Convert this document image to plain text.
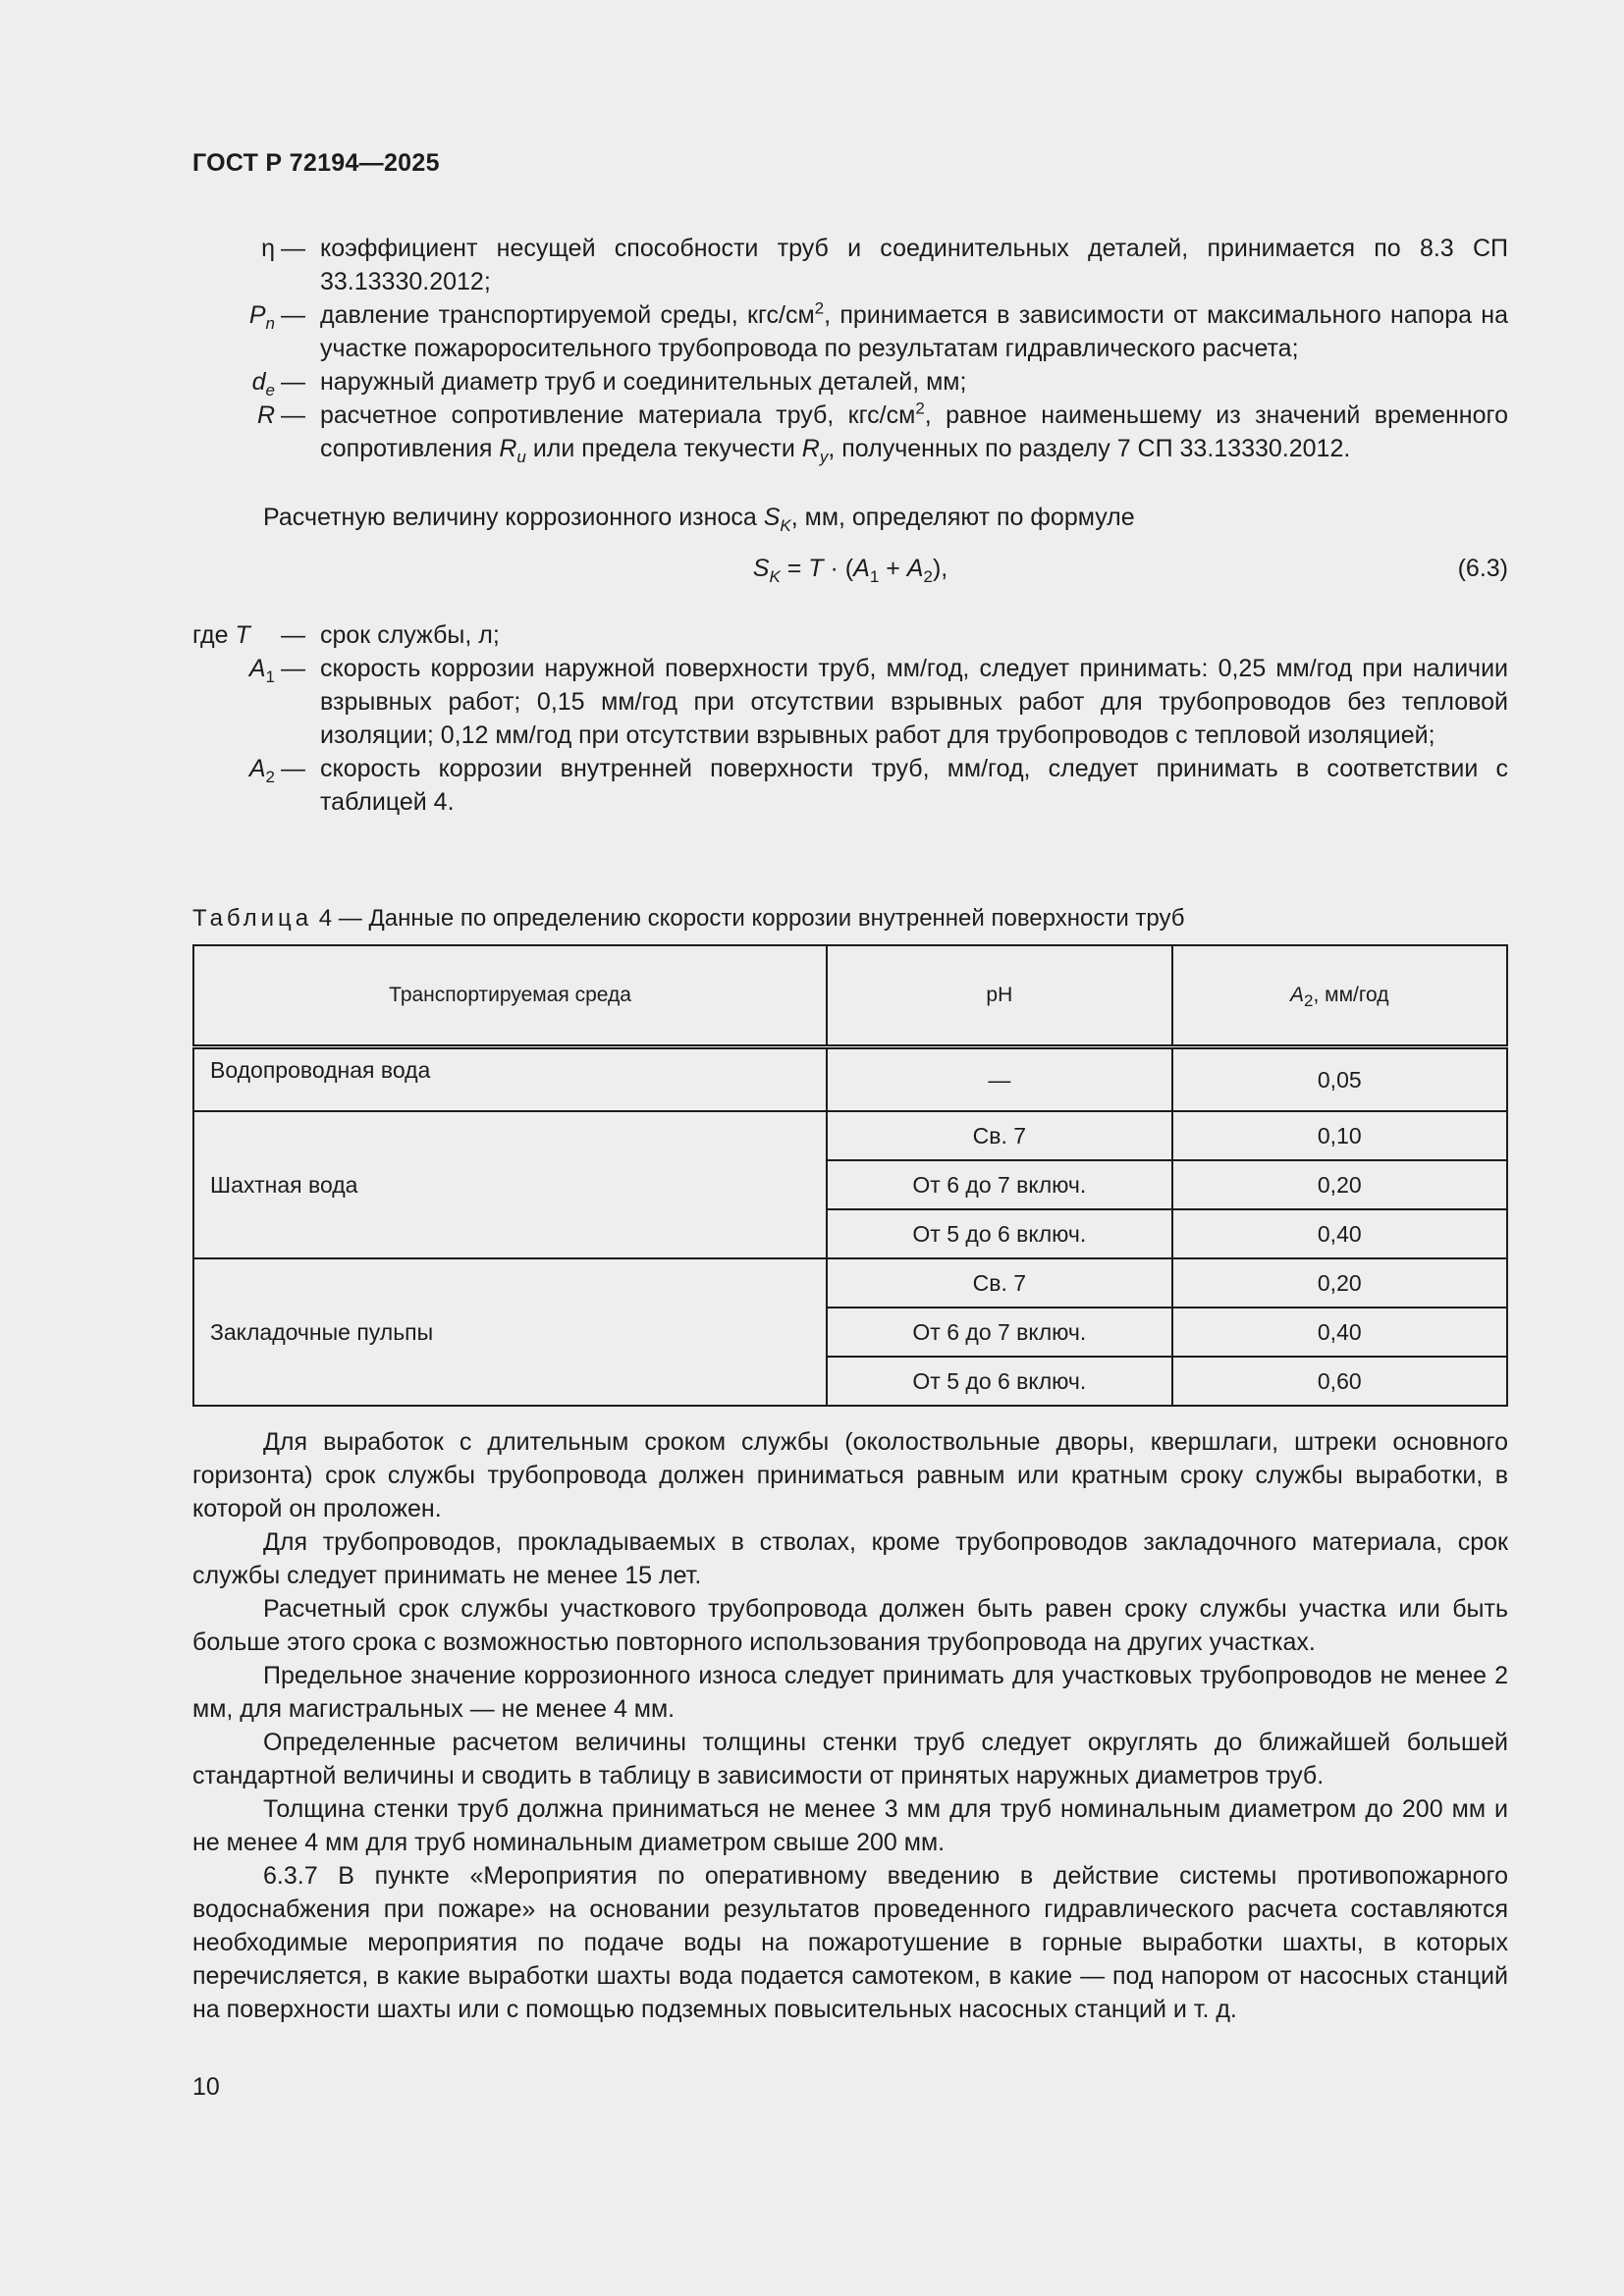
ГОСТ Р 72194—2025
η — коэффициент несущей способности труб и соединительных деталей, принимается по 8.3 СП 33.13330.2012;
$P_n$ — давление транспортируемой среды, кгс/$см^2$, принимается в зависимости от максимального напора на участке пожароросительного трубопровода по результатам гидравлического расчета;
$d_e$ — наружный диаметр труб и соединительных деталей, мм;
R — расчетное сопротивление материала труб, кгс/$см^2$, равное наименьшему из значений временного сопротивления $R_u$ или предела текучести $R_y$, полученных по разделу 7 СП 33.13330.2012.
Расчетную величину коррозионного износа $S_K$, мм, определяют по формуле
$S_K = T \cdot (A_1 + A_2)$,	(6.3)
где T	— срок службы, л;
$A_1$ — скорость коррозии наружной поверхности труб, мм/год, следует принимать: 0,25 мм/год при наличии взрывных работ; 0,15 мм/год при отсутствии взрывных работ для трубопроводов без тепловой изоляции; 0,12 мм/год при отсутствии взрывных работ для трубопроводов с тепловой изоляцией;
$A_2$ — скорость коррозии внутренней поверхности труб, мм/год, следует принимать в соответствии с таблицей 4.
Таблица 4 — Данные по определению скорости коррозии внутренней поверхности труб
Транспортируемая среда	pH	$A_2$, мм/год
Водопроводная вода	—	0,05
Шахтная вода	Св. 7	0,10
	От 6 до 7 включ.	0,20
	От 5 до 6 включ.	0,40
Закладочные пульпы	Св. 7	0,20
	От 6 до 7 включ.	0,40
	От 5 до 6 включ.	0,60

Для выработок с длительным сроком службы (околоствольные дворы, квершлаги, штреки основного горизонта) срок службы трубопровода должен приниматься равным или кратным сроку службы выработки, в которой он проложен.

Для трубопроводов, прокладываемых в стволах, кроме трубопроводов закладочного материала, срок службы следует принимать не менее 15 лет.

Расчетный срок службы участкового трубопровода должен быть равен сроку службы участка или быть больше этого срока с возможностью повторного использования трубопровода на других участках.

Предельное значение коррозионного износа следует принимать для участковых трубопроводов не менее 2 мм, для магистральных — не менее 4 мм.

Определенные расчетом величины толщины стенки труб следует округлять до ближайшей большей стандартной величины и сводить в таблицу в зависимости от принятых наружных диаметров труб.

Толщина стенки труб должна приниматься не менее 3 мм для труб номинальным диаметром до 200 мм и не менее 4 мм для труб номинальным диаметром свыше 200 мм.

6.3.7 В пункте «Мероприятия по оперативному введению в действие системы противопожарного водоснабжения при пожаре» на основании результатов проведенного гидравлического расчета составляются необходимые мероприятия по подаче воды на пожаротушение в горные выработки шахты, в которых перечисляется, в какие выработки шахты вода подается самотеком, в какие — под напором от насосных станций на поверхности шахты или с помощью подземных повысительных насосных станций и т. д.

10
